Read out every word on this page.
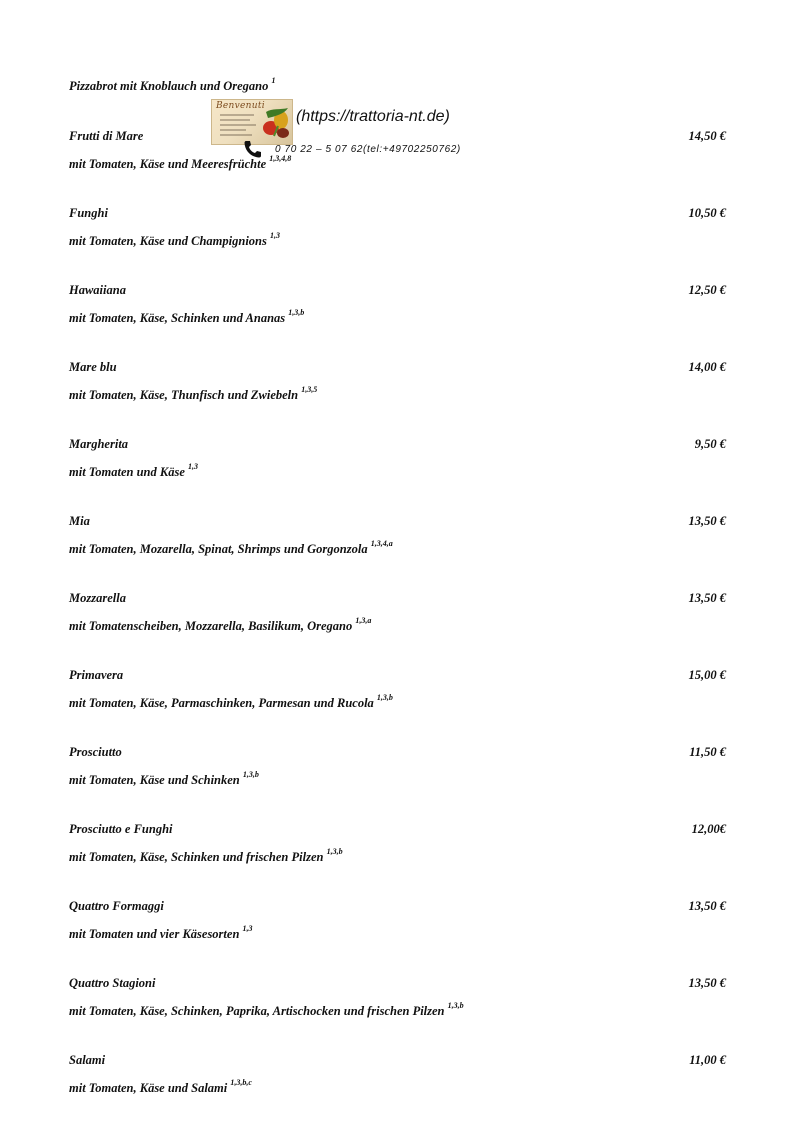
Pizzabrot mit Knoblauch und Oregano $^1$
Frutti di Mare	14,50 €
mit Tomaten, Käse und Meeresfrüchte $^{1,3,4,8}$
Funghi	10,50 €
mit Tomaten, Käse und Champignions $^{1,3}$
Hawaiiana	12,50 €
mit Tomaten, Käse, Schinken und Ananas $^{1,3,b}$
Mare blu	14,00 €
mit Tomaten, Käse, Thunfisch und Zwiebeln $^{1,3,5}$
Margherita	9,50 €
mit Tomaten und Käse $^{1,3}$
Mia	13,50 €
mit Tomaten, Mozarella, Spinat, Shrimps und Gorgonzola $^{1,3,4,a}$
Mozzarella	13,50 €
mit Tomatenscheiben, Mozzarella, Basilikum, Oregano $^{1,3,a}$
Primavera	15,00 €
mit Tomaten, Käse, Parmaschinken, Parmesan und Rucola $^{1,3,b}$
Prosciutto	11,50 €
mit Tomaten, Käse und Schinken $^{1,3,b}$
Prosciutto e Funghi	12,00€
mit Tomaten, Käse, Schinken und frischen Pilzen $^{1,3,b}$
Quattro Formaggi	13,50 €
mit Tomaten und vier Käsesorten $^{1,3}$
Quattro Stagioni	13,50 €
mit Tomaten, Käse, Schinken, Paprika, Artischocken und frischen Pilzen $^{1,3,b}$
Salami	11,00 €
mit Tomaten, Käse und Salami $^{1,3,b,c}$
Benvenuti
(https://trattoria-nt.de)
0 70 22 – 5 07 62(tel:+49702250762)
